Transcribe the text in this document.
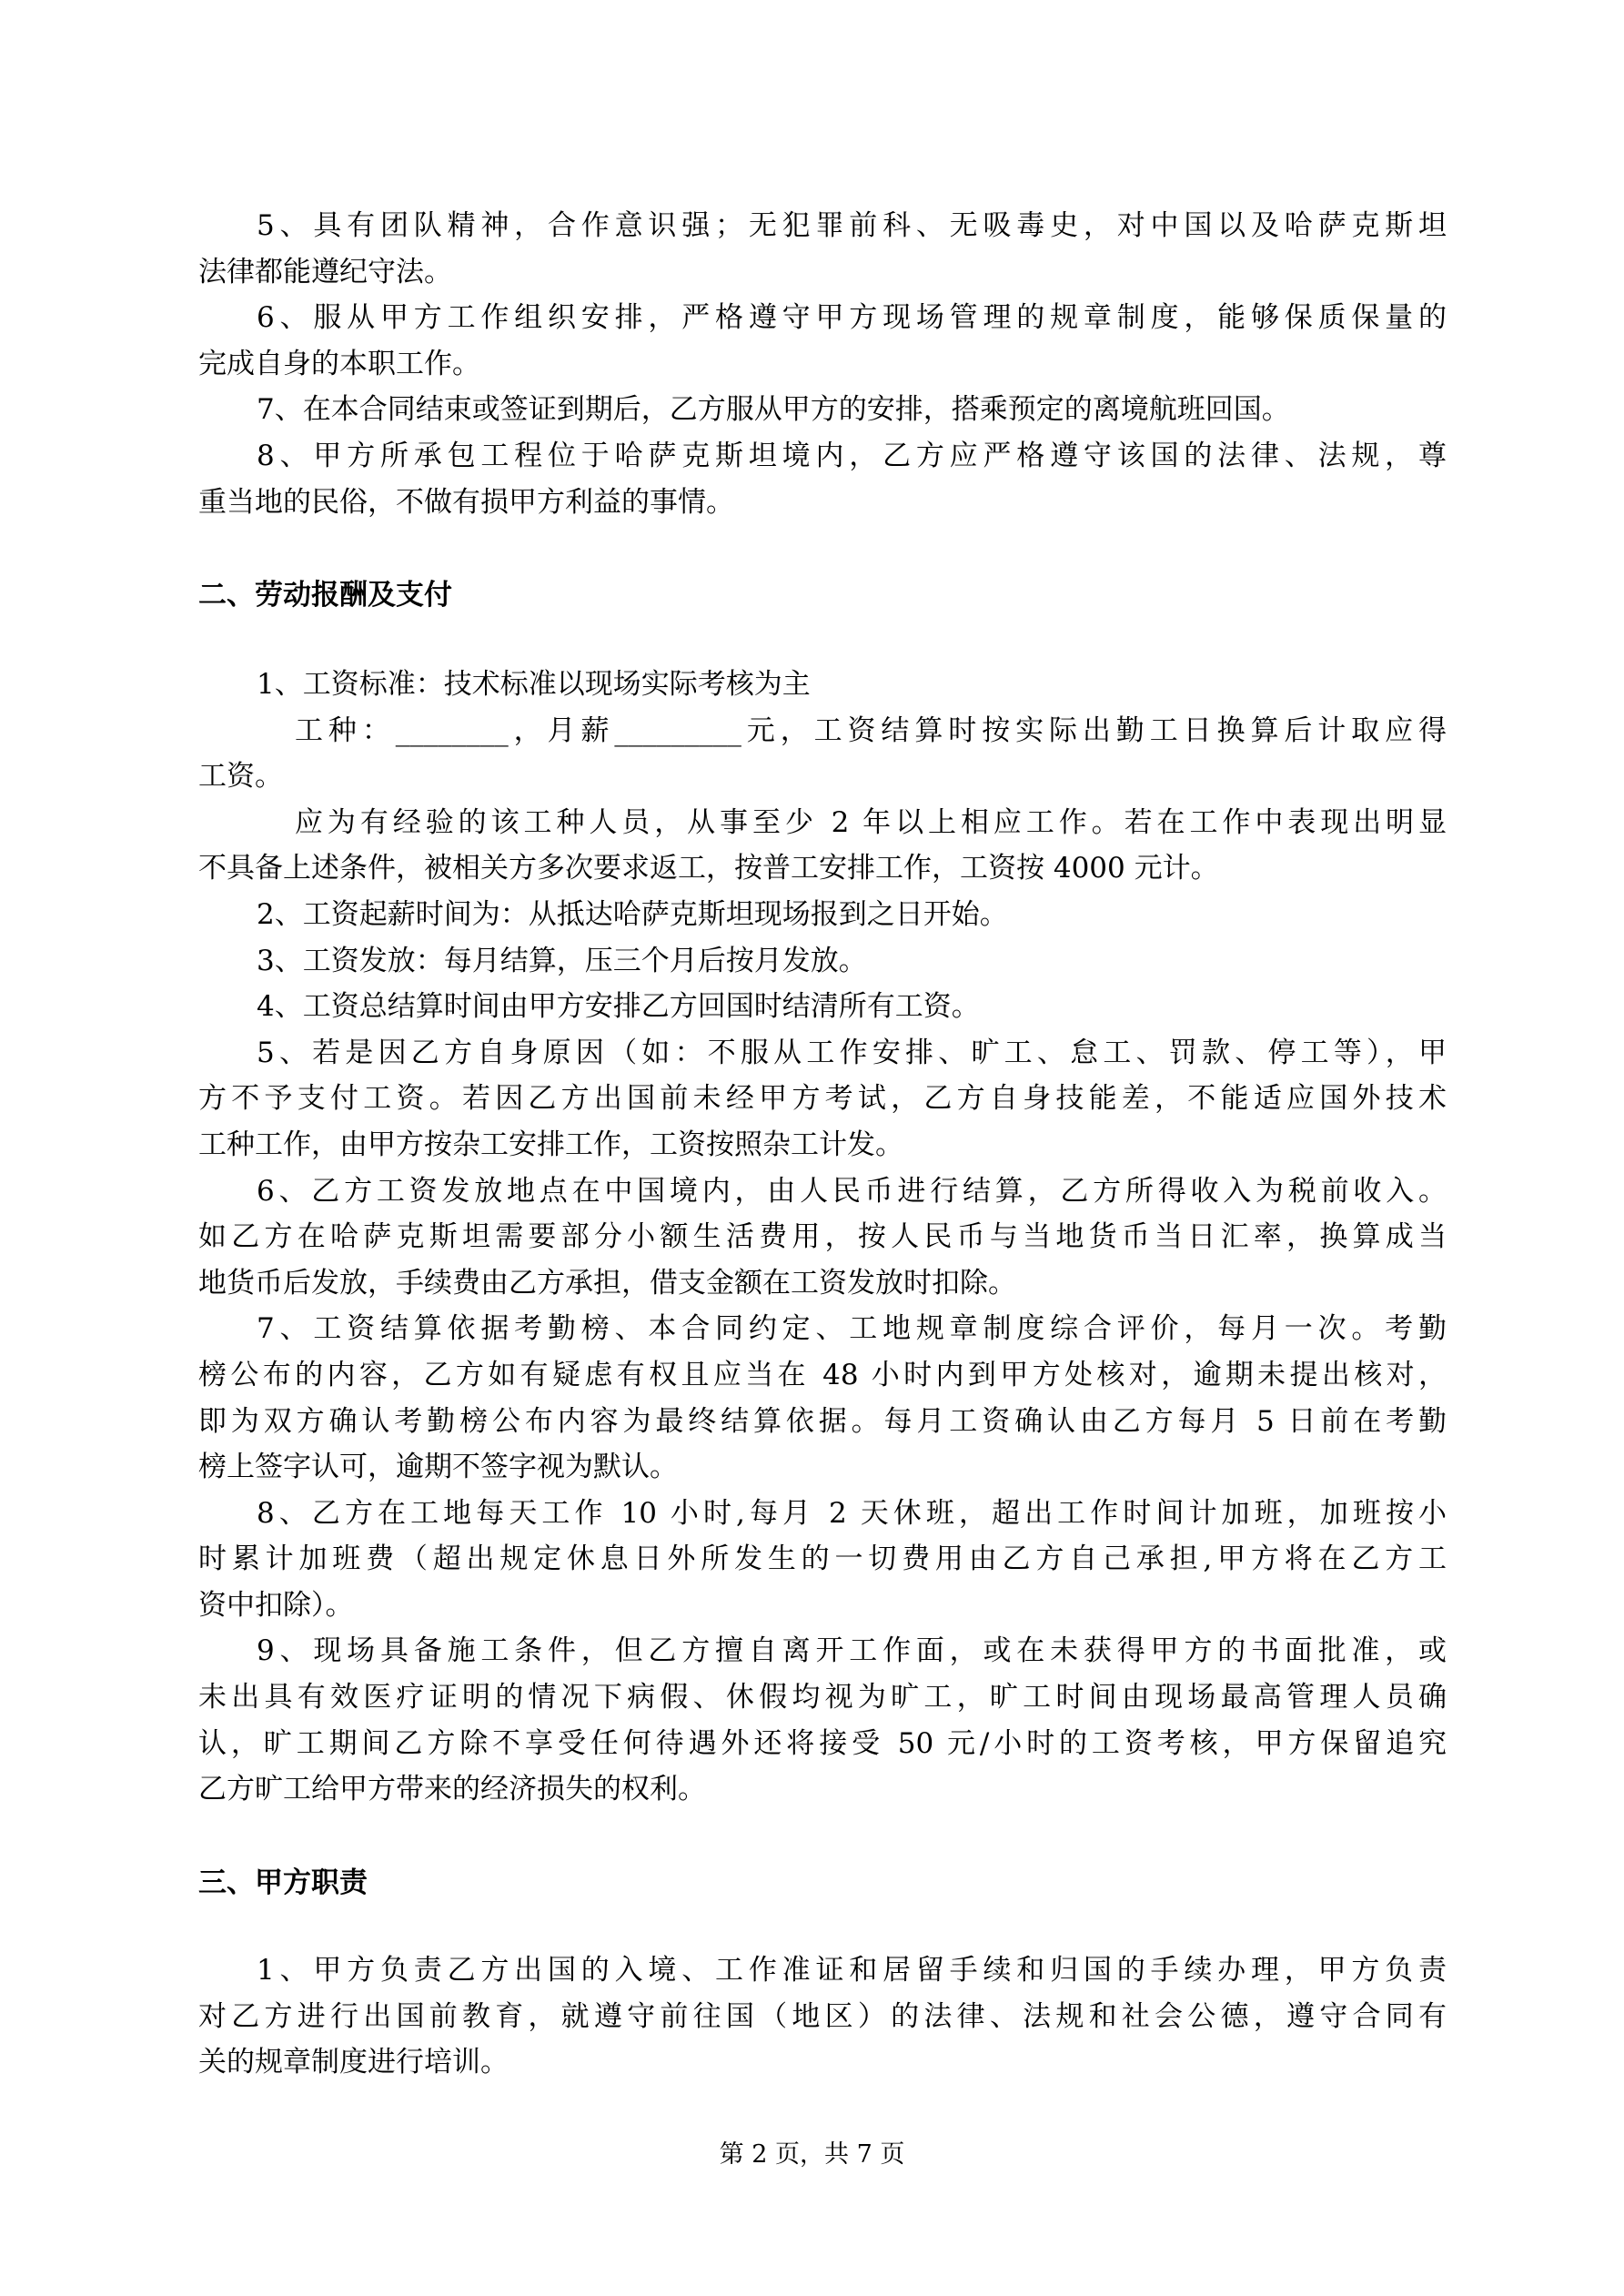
5、具有团队精神，合作意识强；无犯罪前科、无吸毒史，对中国以及哈萨克斯坦
法律都能遵纪守法。
6、服从甲方工作组织安排，严格遵守甲方现场管理的规章制度，能够保质保量的
完成自身的本职工作。
7、在本合同结束或签证到期后，乙方服从甲方的安排，搭乘预定的离境航班回国。
8、甲方所承包工程位于哈萨克斯坦境内，乙方应严格遵守该国的法律、法规，尊
重当地的民俗，不做有损甲方利益的事情。
二、劳动报酬及支付
1、工资标准：技术标准以现场实际考核为主
工种：________，月薪_________元，工资结算时按实际出勤工日换算后计取应得
工资。
应为有经验的该工种人员，从事至少 2 年以上相应工作。若在工作中表现出明显
不具备上述条件，被相关方多次要求返工，按普工安排工作，工资按 4000 元计。
2、工资起薪时间为：从抵达哈萨克斯坦现场报到之日开始。
3、工资发放：每月结算，压三个月后按月发放。
4、工资总结算时间由甲方安排乙方回国时结清所有工资。
5、若是因乙方自身原因（如：不服从工作安排、旷工、怠工、罚款、停工等），甲
方不予支付工资。若因乙方出国前未经甲方考试，乙方自身技能差，不能适应国外技术
工种工作，由甲方按杂工安排工作，工资按照杂工计发。
6、乙方工资发放地点在中国境内，由人民币进行结算，乙方所得收入为税前收入。
如乙方在哈萨克斯坦需要部分小额生活费用，按人民币与当地货币当日汇率，换算成当
地货币后发放，手续费由乙方承担，借支金额在工资发放时扣除。
7、工资结算依据考勤榜、本合同约定、工地规章制度综合评价，每月一次。考勤
榜公布的内容，乙方如有疑虑有权且应当在 48 小时内到甲方处核对，逾期未提出核对，
即为双方确认考勤榜公布内容为最终结算依据。每月工资确认由乙方每月 5 日前在考勤
榜上签字认可，逾期不签字视为默认。
8、乙方在工地每天工作 10 小时,每月 2 天休班，超出工作时间计加班，加班按小
时累计加班费（超出规定休息日外所发生的一切费用由乙方自己承担,甲方将在乙方工
资中扣除）。
9、现场具备施工条件，但乙方擅自离开工作面，或在未获得甲方的书面批准，或
未出具有效医疗证明的情况下病假、休假均视为旷工，旷工时间由现场最高管理人员确
认，旷工期间乙方除不享受任何待遇外还将接受 50 元/小时的工资考核，甲方保留追究
乙方旷工给甲方带来的经济损失的权利。
三、甲方职责
1、甲方负责乙方出国的入境、工作准证和居留手续和归国的手续办理，甲方负责
对乙方进行出国前教育，就遵守前往国（地区）的法律、法规和社会公德，遵守合同有
关的规章制度进行培训。
第 2 页，共 7 页
